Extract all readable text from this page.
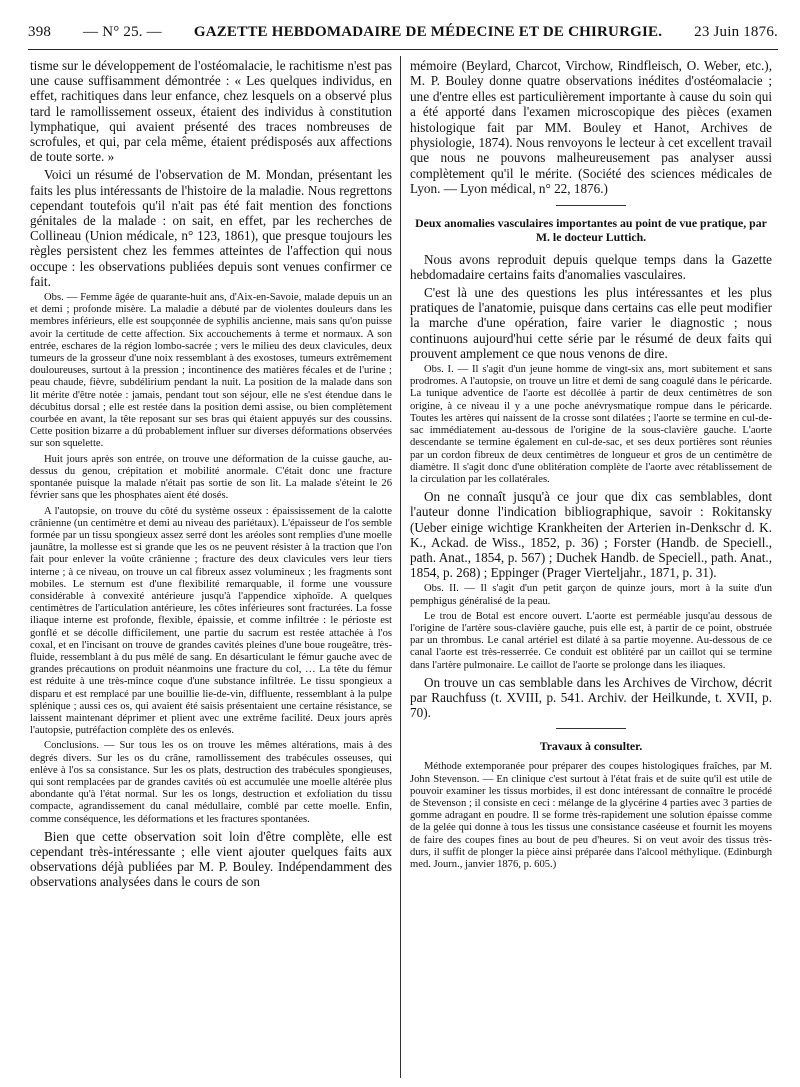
398 — N° 25. — GAZETTE HEBDOMADAIRE DE MÉDECINE ET DE CHIRURGIE. 23 Juin 1876.

tisme sur le développement de l'ostéomalacie, le rachitisme n'est pas une cause suffisamment démontrée : « Les quelques individus, en effet, rachitiques dans leur enfance, chez lesquels on a observé plus tard le ramollissement osseux, étaient des individus à constitution lymphatique, qui avaient présenté des traces nombreuses de scrofules, et qui, par cela même, étaient prédisposés aux affections de toute sorte. »

Voici un résumé de l'observation de M. Mondan, présentant les faits les plus intéressants de l'histoire de la maladie. Nous regrettons cependant toutefois qu'il n'ait pas été fait mention des fonctions génitales de la malade : on sait, en effet, par les recherches de Collineau (Union médicale, n° 123, 1861), que presque toujours les règles persistent chez les femmes atteintes de l'affection qui nous occupe : les observations publiées depuis sont venues confirmer ce fait.

Obs. — Femme âgée de quarante-huit ans, d'Aix-en-Savoie, malade depuis un an et demi ; profonde misère. La maladie a débuté par de violentes douleurs dans les membres inférieurs, elle est soupçonnée de syphilis ancienne, mais sans qu'on puisse avoir la certitude de cette affection. Six accouchements à terme et normaux. A son entrée, eschares de la région lombo-sacrée ; vers le milieu des deux clavicules, deux tumeurs de la grosseur d'une noix ressemblant à des exostoses, tumeurs extrêmement douloureuses, surtout à la pression ; incontinence des matières fécales et de l'urine ; peau chaude, fièvre, subdélirium pendant la nuit. La position de la malade dans son lit mérite d'être notée : jamais, pendant tout son séjour, elle ne s'est étendue dans le décubitus dorsal ; elle est restée dans la position demi assise, ou bien complètement courbée en avant, la tête reposant sur ses bras qui étaient appuyés sur des coussins. Cette position bizarre a dû probablement influer sur diverses déformations observées sur son squelette.

Huit jours après son entrée, on trouve une déformation de la cuisse gauche, au-dessus du genou, crépitation et mobilité anormale. C'était donc une fracture spontanée puisque la malade n'était pas sortie de son lit. La malade s'éteint le 26 février sans que les phosphates aient été dosés.

A l'autopsie, on trouve du côté du système osseux : épaississement de la calotte crânienne (un centimètre et demi au niveau des pariétaux). L'épaisseur de l'os semble formée par un tissu spongieux assez serré dont les aréoles sont remplies d'une moelle jaunâtre, la mollesse est si grande que les os ne peuvent résister à la traction que l'on fait pour enlever la voûte crânienne ; fracture des deux clavicules vers leur tiers interne ; à ce niveau, on trouve un cal fibreux assez volumineux ; les fragments sont mobiles. Le sternum est d'une flexibilité remarquable, il forme une voussure considérable à convexité antérieure jusqu'à l'appendice xiphoïde. A quelques centimètres de l'articulation antérieure, les côtes inférieures sont fracturées. La fosse iliaque interne est profonde, flexible, épaissie, et comme infiltrée : le périoste est gonflé et se décolle difficilement, une partie du sacrum est restée attachée à l'os coxal, et en l'incisant on trouve de grandes cavités pleines d'une boue rougeâtre, très-fluide, ressemblant à du pus mêlé de sang. En désarticulant le fémur gauche avec de grandes précautions on produit néanmoins une fracture du col, … La tête du fémur est réduite à une très-mince coque d'une substance infiltrée. Le tissu spongieux a disparu et est remplacé par une bouillie lie-de-vin, diffluente, ressemblant à la pulpe splénique ; aussi ces os, qui avaient été saisis présentaient une certaine résistance, se laissent maintenant déprimer et plient avec une extrême facilité. Deux jours après l'autopsie, putréfaction complète des os enlevés.

Conclusions. — Sur tous les os on trouve les mêmes altérations, mais à des degrés divers. Sur les os du crâne, ramollissement des trabécules osseuses, qui enlève à l'os sa consistance. Sur les os plats, destruction des trabécules spongieuses, qui sont remplacées par de grandes cavités où est accumulée une moelle altérée plus abondante qu'à l'état normal. Sur les os longs, destruction et exfoliation du tissu compacte, agrandissement du canal médullaire, comblé par cette moelle. Enfin, comme conséquence, les déformations et les fractures spontanées.

Bien que cette observation soit loin d'être complète, elle est cependant très-intéressante ; elle vient ajouter quelques faits aux observations déjà publiées par M. P. Bouley. Indépendamment des observations analysées dans le cours de son

mémoire (Beylard, Charcot, Virchow, Rindfleisch, O. Weber, etc.), M. P. Bouley donne quatre observations inédites d'ostéomalacie ; une d'entre elles est particulièrement importante à cause du soin qui a été apporté dans l'examen microscopique des pièces (examen histologique fait par MM. Bouley et Hanot, Archives de physiologie, 1874). Nous renvoyons le lecteur à cet excellent travail que nous ne pouvons malheureusement pas analyser aussi complètement qu'il le mérite. (Société des sciences médicales de Lyon. — Lyon médical, n° 22, 1876.)

Deux anomalies vasculaires importantes au point de vue pratique, par M. le docteur Luttich.

Nous avons reproduit depuis quelque temps dans la Gazette hebdomadaire certains faits d'anomalies vasculaires.

C'est là une des questions les plus intéressantes et les plus pratiques de l'anatomie, puisque dans certains cas elle peut modifier la marche d'une opération, faire varier le diagnostic ; nous continuons aujourd'hui cette série par le résumé de deux faits qui prouvent amplement ce que nous venons de dire.

Obs. I. — Il s'agit d'un jeune homme de vingt-six ans, mort subitement et sans prodromes. A l'autopsie, on trouve un litre et demi de sang coagulé dans le péricarde. La tunique adventice de l'aorte est décollée à partir de deux centimètres de son origine, à ce niveau il y a une poche anévrysmatique rompue dans le péricarde. Toutes les artères qui naissent de la crosse sont dilatées ; l'aorte se termine en cul-de-sac immédiatement au-dessous de l'origine de la sous-clavière gauche. L'aorte descendante se termine également en cul-de-sac, et ses deux portières sont réunies par un cordon fibreux de deux centimètres de longueur et gros de un centimètre de diamètre. Il s'agit donc d'une oblitération complète de l'aorte avec rétablissement de la circulation par les collatérales.

On ne connaît jusqu'à ce jour que dix cas semblables, dont l'auteur donne l'indication bibliographique, savoir : Rokitansky (Ueber einige wichtige Krankheiten der Arterien in-Denkschr d. K. K., Ackad. de Wiss., 1852, p. 36) ; Forster (Handb. de Speciell., path. Anat., 1854, p. 567) ; Duchek Handb. de Speciell., path. Anat., 1854, p. 268) ; Eppinger (Prager Vierteljahr., 1871, p. 31).

Obs. II. — Il s'agit d'un petit garçon de quinze jours, mort à la suite d'un pemphigus généralisé de la peau.

Le trou de Botal est encore ouvert. L'aorte est perméable jusqu'au dessous de l'origine de l'artère sous-clavière gauche, puis elle est, à partir de ce point, obstruée par un thrombus. Le canal artériel est dilaté à sa partie moyenne. Au-dessous de ce canal l'aorte est très-resserrée. Ce conduit est oblitéré par un caillot qui se termine dans l'artère pulmonaire. Le caillot de l'aorte se prolonge dans les iliaques.

On trouve un cas semblable dans les Archives de Virchow, décrit par Rauchfuss (t. XVIII, p. 541. Archiv. der Heilkunde, t. XVII, p. 70).

Travaux à consulter.

Méthode extemporanée pour préparer des coupes histologiques fraîches, par M. John Stevenson. — En clinique c'est surtout à l'état frais et de suite qu'il est utile de pouvoir examiner les tissus morbides, il est donc intéressant de connaître le procédé de Stevenson ; il consiste en ceci : mélange de la glycérine 4 parties avec 3 parties de gomme adragant en poudre. Il se forme très-rapidement une solution épaisse comme de la gelée qui donne à tous les tissus une consistance caséeuse et fournit les moyens de faire des coupes fines au bout de peu d'heures. Si on veut avoir des tissus très-durs, il suffit de plonger la pièce ainsi préparée dans l'alcool méthylique. (Edinburgh med. Journ., janvier 1876, p. 605.)
